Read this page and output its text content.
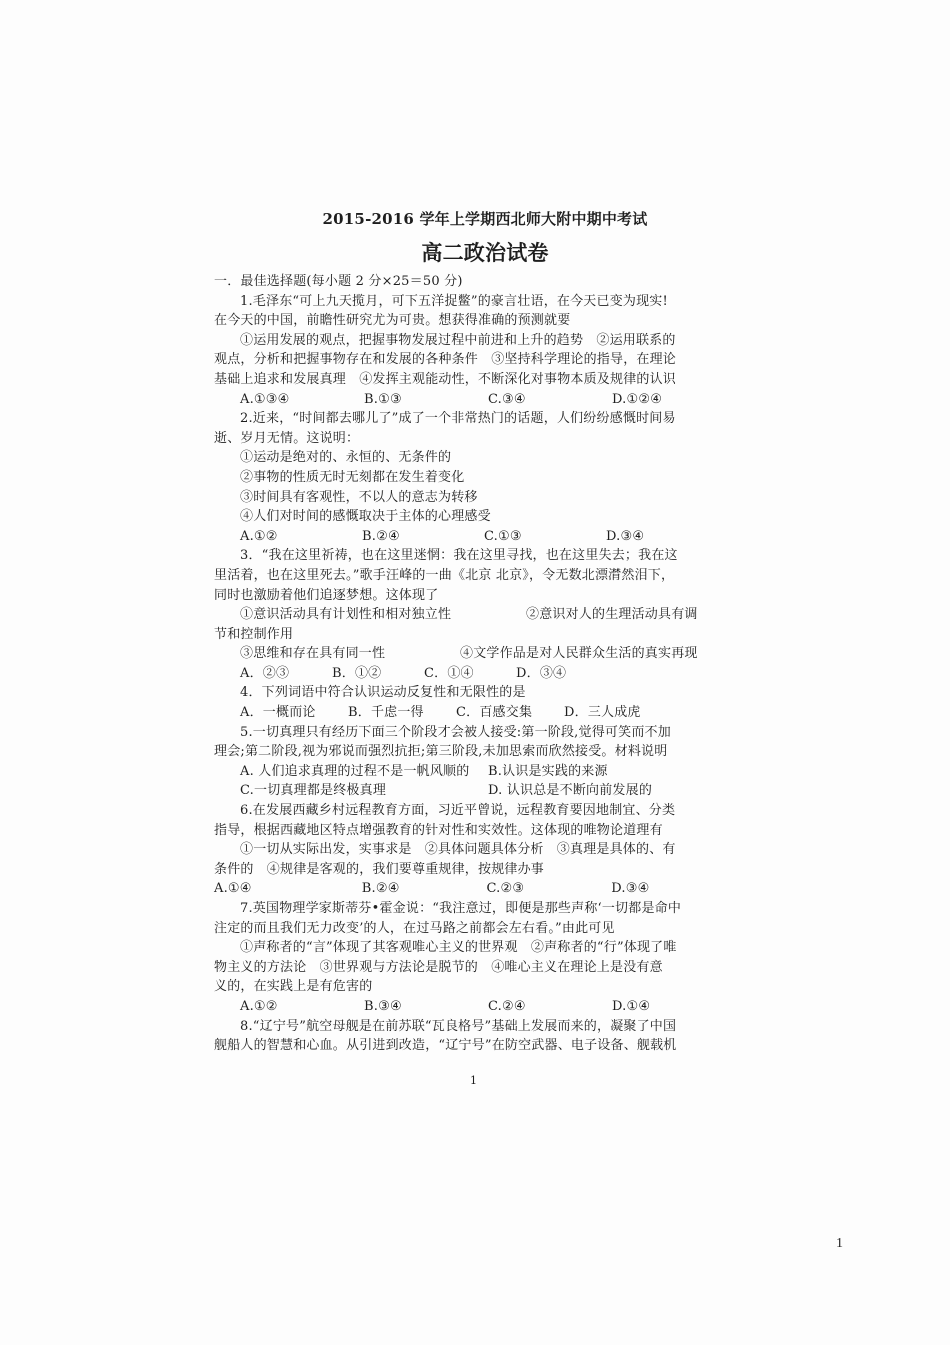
2015-2016 学年上学期西北师大附中期中考试
高二政治试卷
一．最佳选择题(每小题 2 分×25＝50 分)
1.毛泽东“可上九天揽月，可下五洋捉鳖”的豪言壮语，在今天已变为现实!
在今天的中国，前瞻性研究尤为可贵。想获得准确的预测就要
①运用发展的观点，把握事物发展过程中前进和上升的趋势　②运用联系的
观点，分析和把握事物存在和发展的各种条件　③坚持科学理论的指导，在理论
基础上追求和发展真理　④发挥主观能动性，不断深化对事物本质及规律的认识
A.①③④	B.①③	C.③④	D.①②④
2.近来，“时间都去哪儿了”成了一个非常热门的话题，人们纷纷感慨时间易
逝、岁月无情。这说明：
①运动是绝对的、永恒的、无条件的
②事物的性质无时无刻都在发生着变化
③时间具有客观性，不以人的意志为转移
④人们对时间的感慨取决于主体的心理感受
A.①②	B.②④	C.①③	D.③④
3．“我在这里祈祷，也在这里迷惘：我在这里寻找，也在这里失去；我在这
里活着，也在这里死去。”歌手汪峰的一曲《北京 北京》，令无数北漂潸然泪下，
同时也激励着他们追逐梦想。这体现了
①意识活动具有计划性和相对独立性	②意识对人的生理活动具有调
节和控制作用
③思维和存在具有同一性	④文学作品是对人民群众生活的真实再现
A．②③	B．①②	C．①④	D．③④
4．下列词语中符合认识运动反复性和无限性的是
A．一概而论	B．千虑一得	C．百感交集	D．三人成虎
5.一切真理只有经历下面三个阶段才会被人接受:第一阶段,觉得可笑而不加
理会;第二阶段,视为邪说而强烈抗拒;第三阶段,未加思索而欣然接受。材料说明
A. 人们追求真理的过程不是一帆风顺的	B.认识是实践的来源
C.一切真理都是终极真理	D. 认识总是不断向前发展的
6.在发展西藏乡村远程教育方面，习近平曾说，远程教育要因地制宜、分类
指导，根据西藏地区特点增强教育的针对性和实效性。这体现的唯物论道理有
①一切从实际出发，实事求是　②具体问题具体分析　③真理是具体的、有
条件的　④规律是客观的，我们要尊重规律，按规律办事
A.①④	B.②④	C.②③	D.③④
7.英国物理学家斯蒂芬•霍金说：“我注意过，即便是那些声称‘一切都是命中
注定的而且我们无力改变’的人，在过马路之前都会左右看。”由此可见
①声称者的“言”体现了其客观唯心主义的世界观　②声称者的“行”体现了唯
物主义的方法论　③世界观与方法论是脱节的　④唯心主义在理论上是没有意
义的，在实践上是有危害的
A.①②	B.③④	C.②④	D.①④
8.“辽宁号”航空母舰是在前苏联“瓦良格号”基础上发展而来的，凝聚了中国
舰船人的智慧和心血。从引进到改造，“辽宁号”在防空武器、电子设备、舰载机
1
1
